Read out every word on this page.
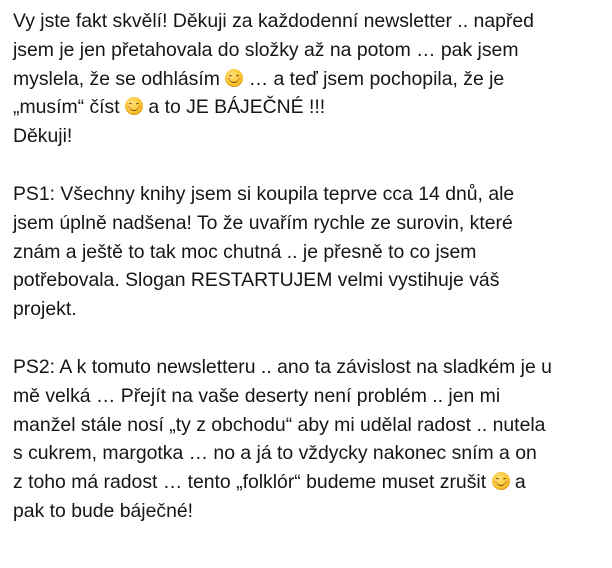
Vy jste fakt skvělí! Děkuji za každodenní newsletter .. napřed
jsem je jen přetahovala do složky až na potom … pak jsem
myslela, že se odhlásím
… a teď jsem pochopila, že je
„musím“ číst
a to JE BÁJEČNÉ !!!
Děkuji!
PS1: Všechny knihy jsem si koupila teprve cca 14 dnů, ale
jsem úplně nadšena! To že uvařím rychle ze surovin, které
znám a ještě to tak moc chutná .. je přesně to co jsem
potřebovala. Slogan RESTARTUJEM velmi vystihuje váš
projekt.
PS2: A k tomuto newsletteru .. ano ta závislost na sladkém je u
mě velká … Přejít na vaše deserty není problém .. jen mi
manžel stále nosí „ty z obchodu“ aby mi udělal radost .. nutela
s cukrem, margotka … no a já to vždycky nakonec sním a on
z toho má radost … tento „folklór“ budeme muset zrušit
a
pak to bude báječné!
